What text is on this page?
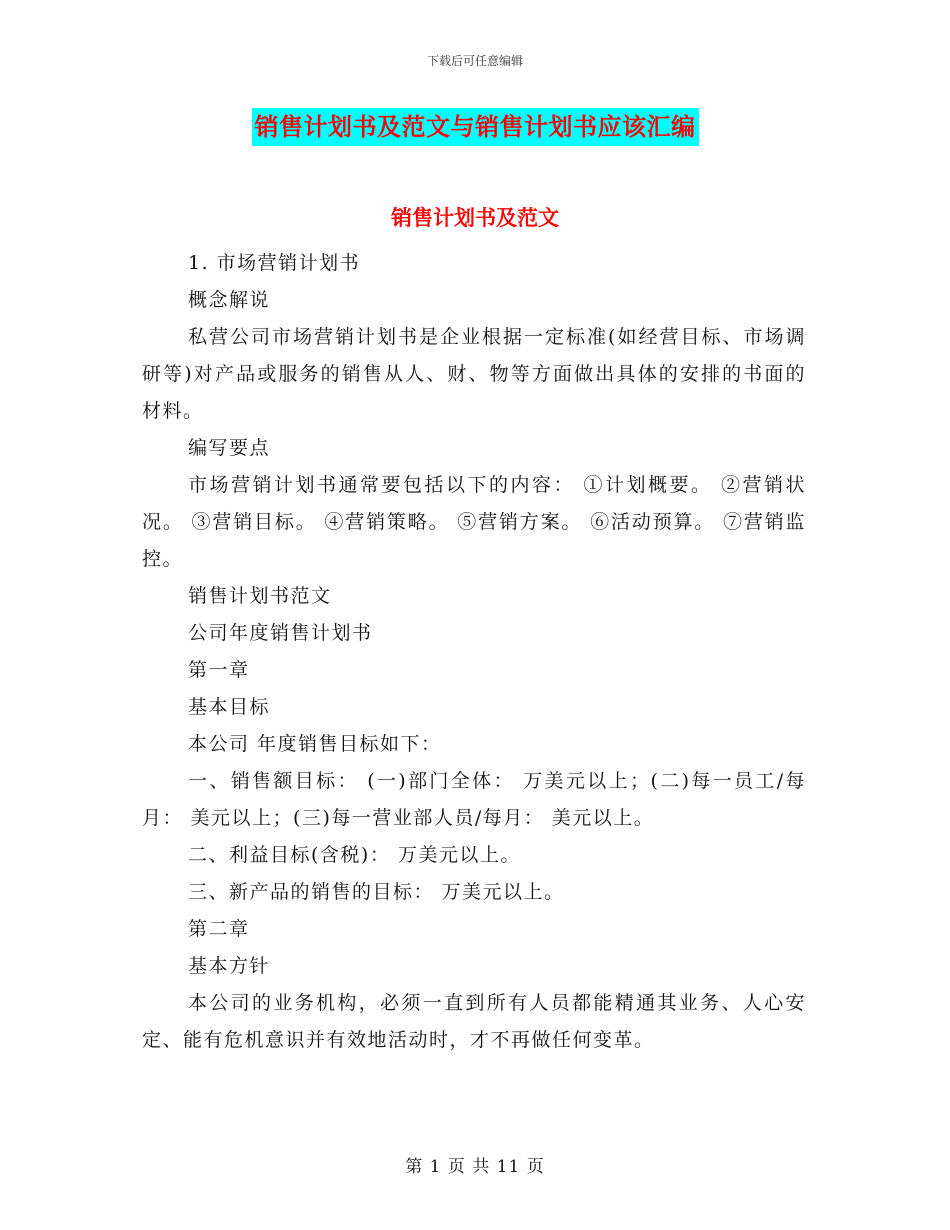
下载后可任意编辑
销售计划书及范文与销售计划书应该汇编
销售计划书及范文

1. 市场营销计划书

概念解说

私营公司市场营销计划书是企业根据一定标准(如经营目标、市场调研等)对产品或服务的销售从人、财、物等方面做出具体的安排的书面的材料。

编写要点

市场营销计划书通常要包括以下的内容： ①计划概要。 ②营销状况。 ③营销目标。 ④营销策略。 ⑤营销方案。 ⑥活动预算。 ⑦营销监控。

销售计划书范文

公司年度销售计划书

第一章

基本目标

本公司 年度销售目标如下：

一、销售额目标： (一)部门全体： 万美元以上；(二)每一员工/每月： 美元以上；(三)每一营业部人员/每月： 美元以上。

二、利益目标(含税)： 万美元以上。

三、新产品的销售的目标： 万美元以上。

第二章

基本方针

本公司的业务机构，必须一直到所有人员都能精通其业务、人心安定、能有危机意识并有效地活动时，才不再做任何变革。

第 1 页 共 11 页
